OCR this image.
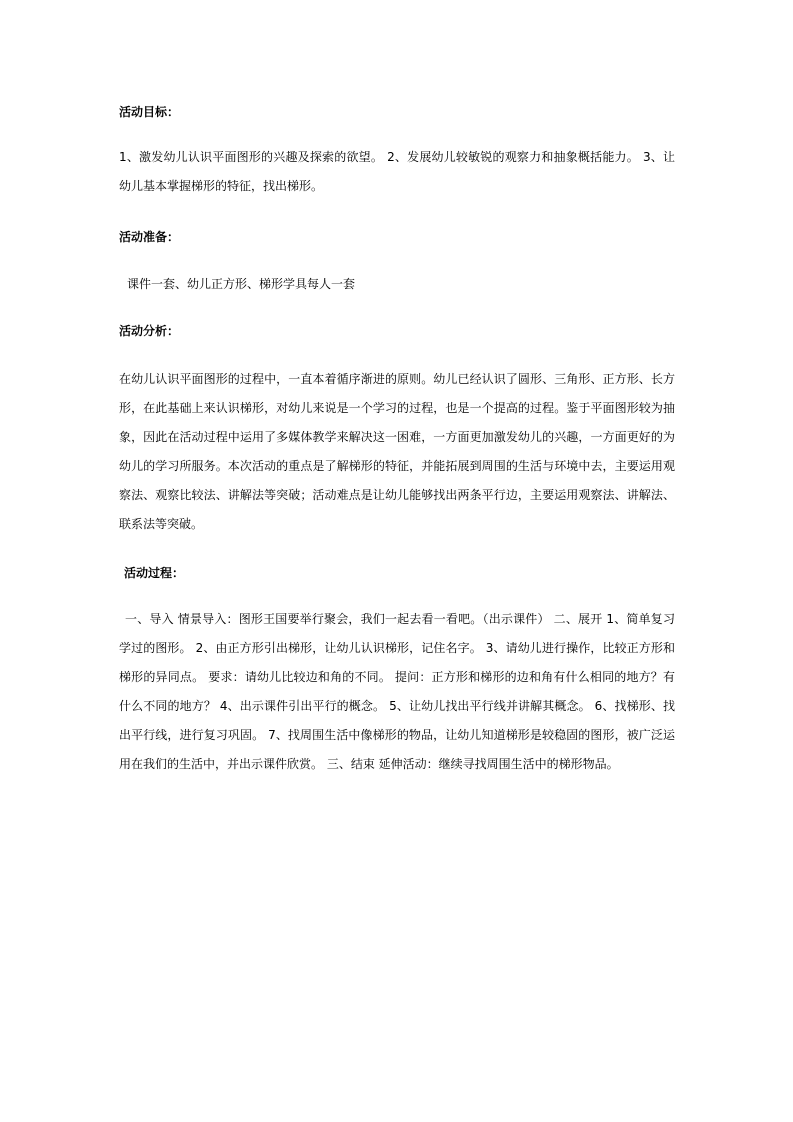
活动目标：
1、激发幼儿认识平面图形的兴趣及探索的欲望。 2、发展幼儿较敏锐的观察力和抽象概括能力。 3、让幼儿基本掌握梯形的特征，找出梯形。
活动准备：
课件一套、幼儿正方形、梯形学具每人一套
活动分析：
在幼儿认识平面图形的过程中，一直本着循序渐进的原则。幼儿已经认识了圆形、三角形、正方形、长方形，在此基础上来认识梯形，对幼儿来说是一个学习的过程，也是一个提高的过程。鉴于平面图形较为抽象，因此在活动过程中运用了多媒体教学来解决这一困难，一方面更加激发幼儿的兴趣，一方面更好的为幼儿的学习所服务。本次活动的重点是了解梯形的特征，并能拓展到周围的生活与环境中去，主要运用观察法、观察比较法、讲解法等突破；活动难点是让幼儿能够找出两条平行边，主要运用观察法、讲解法、联系法等突破。
活动过程：
一、导入 情景导入：图形王国要举行聚会，我们一起去看一看吧。（出示课件） 二、展开 1、简单复习学过的图形。 2、由正方形引出梯形，让幼儿认识梯形，记住名字。 3、请幼儿进行操作，比较正方形和梯形的异同点。 要求：请幼儿比较边和角的不同。 提问：正方形和梯形的边和角有什么相同的地方？有什么不同的地方？ 4、出示课件引出平行的概念。 5、让幼儿找出平行线并讲解其概念。 6、找梯形、找出平行线，进行复习巩固。 7、找周围生活中像梯形的物品，让幼儿知道梯形是较稳固的图形，被广泛运用在我们的生活中，并出示课件欣赏。 三、结束 延伸活动：继续寻找周围生活中的梯形物品。
